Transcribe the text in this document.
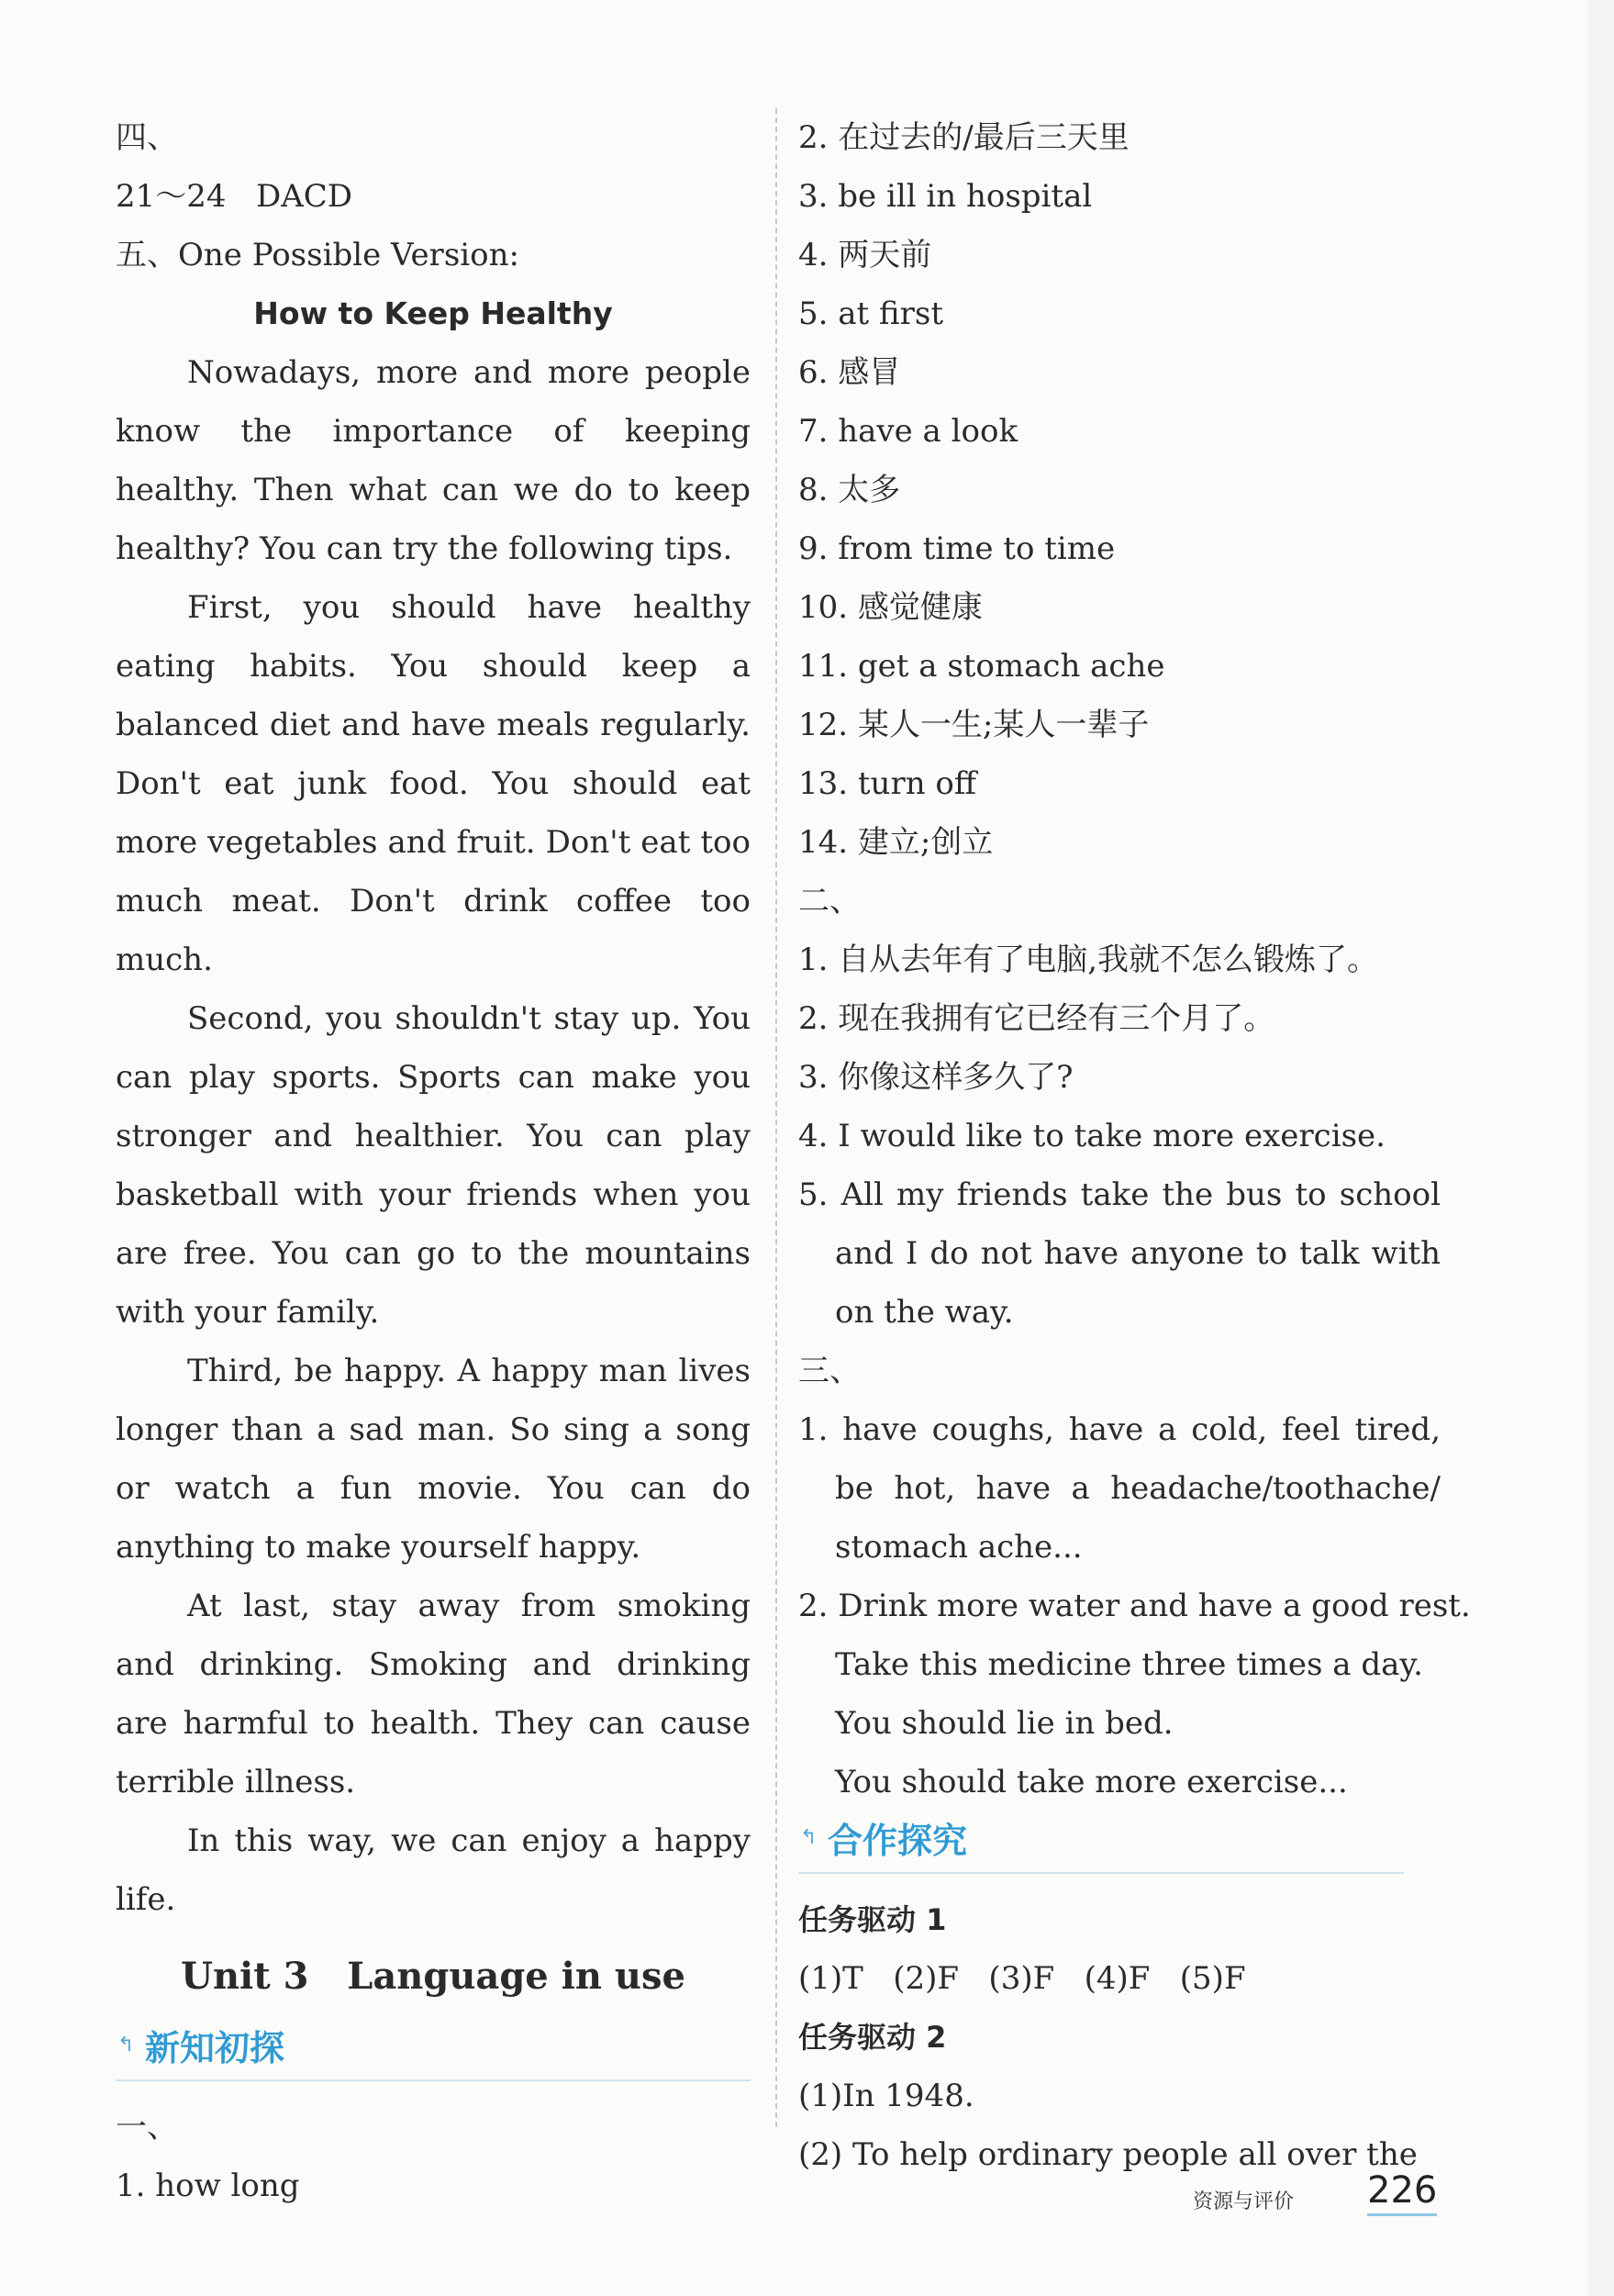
四、
21～24   DACD
五、One Possible Version:
How to Keep Healthy

Nowadays, more and more people know the importance of keeping healthy. Then what can we do to keep healthy? You can try the following tips.

First, you should have healthy eating habits. You should keep a balanced diet and have meals regularly. Don't eat junk food. You should eat more vegetables and fruit. Don't eat too much meat. Don't drink coffee too much.

Second, you shouldn't stay up. You can play sports. Sports can make you stronger and healthier. You can play basketball with your friends when you are free. You can go to the mountains with your family.

Third, be happy. A happy man lives longer than a sad man. So sing a song or watch a fun movie. You can do anything to make yourself happy.

At last, stay away from smoking and drinking. Smoking and drinking are harmful to health. They can cause terrible illness.

In this way, we can enjoy a happy life.

Unit 3   Language in use
↰ 新知初探
一、
1. how long
2. 在过去的/最后三天里
3. be ill in hospital
4. 两天前
5. at first
6. 感冒
7. have a look
8. 太多
9. from time to time
10. 感觉健康
11. get a stomach ache
12. 某人一生;某人一辈子
13. turn off
14. 建立;创立
二、
1. 自从去年有了电脑,我就不怎么锻炼了。
2. 现在我拥有它已经有三个月了。
3. 你像这样多久了?
4. I would like to take more exercise.

5. All my friends take the bus to school and I do not have anyone to talk with on the way.

三、

1. have coughs, have a cold, feel tired, be hot, have a headache/toothache/ stomach ache...

2. Drink more water and have a good rest.
Take this medicine three times a day.
You should lie in bed.
You should take more exercise...
↰ 合作探究
任务驱动 1
(1)T   (2)F   (3)F   (4)F   (5)F
任务驱动 2
(1)In 1948.
(2) To help ordinary people all over the
资源与评价 226
